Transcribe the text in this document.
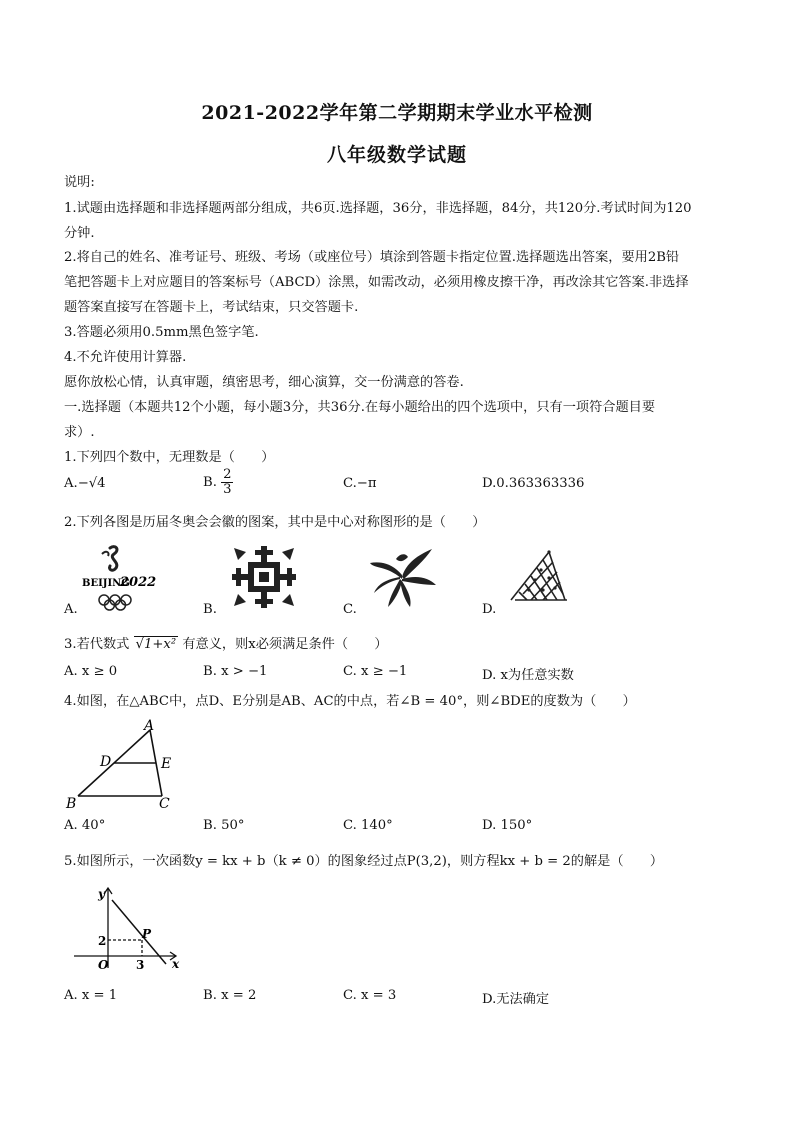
2021-2022学年第二学期期末学业水平检测
八年级数学试题
说明:
1.试题由选择题和非选择题两部分组成，共6页.选择题，36分，非选择题，84分，共120分.考试时间为120
分钟.
2.将自己的姓名、准考证号、班级、考场（或座位号）填涂到答题卡指定位置.选择题选出答案，要用2B铅
笔把答题卡上对应题目的答案标号（ABCD）涂黑，如需改动，必须用橡皮擦干净，再改涂其它答案.非选择
题答案直接写在答题卡上，考试结束，只交答题卡.
3.答题必须用0.5mm黑色签字笔.
4.不允许使用计算器.
愿你放松心情，认真审题，缜密思考，细心演算，交一份满意的答卷.
一.选择题（本题共12个小题，每小题3分，共36分.在每小题给出的四个选项中，只有一项符合题目要
求）.
1.下列四个数中，无理数是（　　）
A.−√4	B. $\frac{2}{3}$	C.−π	D.0.363363336
2.下列各图是历届冬奥会会徽的图案，其中是中心对称图形的是（　　）
BEIJING
2022
A.	B.	C.	D.
3.若代数式 √1+x² 有意义，则x必须满足条件（　　）
A. x ≥ 0	B. x > −1	C. x ≥ −1	D. x为任意实数
4.如图，在△ABC中，点D、E分别是AB、AC的中点，若∠B = 40°，则∠BDE的度数为（　　）
A
D	E
B	C
A. 40°	B. 50°	C. 140°	D. 150°
5.如图所示，一次函数y = kx + b（k ≠ 0）的图象经过点P(3,2)，则方程kx + b = 2的解是（　　）
y
x
O
P
2
3
A. x = 1	B. x = 2	C. x = 3	D.无法确定
